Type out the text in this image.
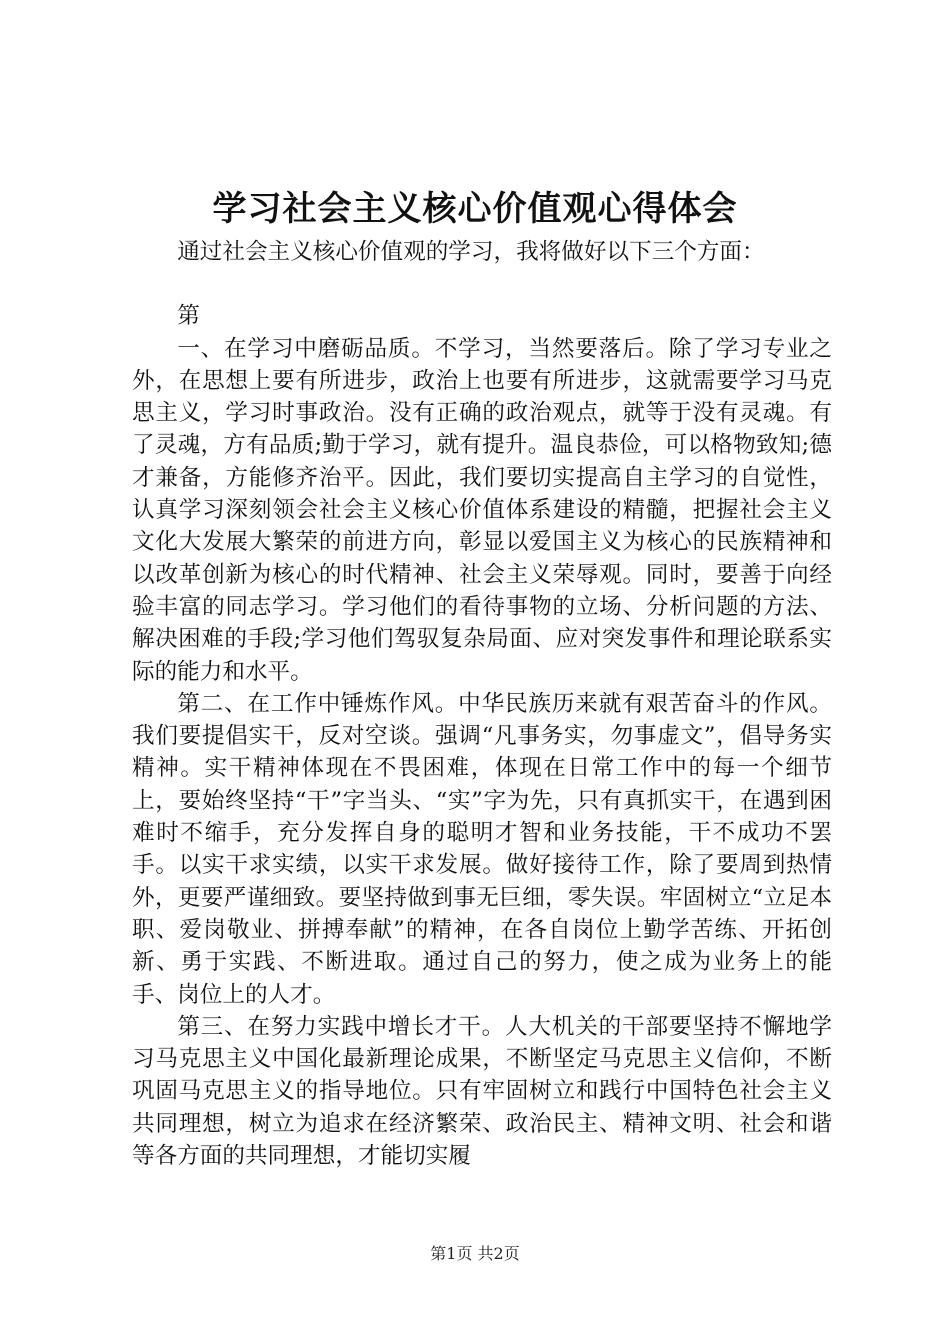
学习社会主义核心价值观心得体会

通过社会主义核心价值观的学习，我将做好以下三个方面：

第

一、在学习中磨砺品质。不学习，当然要落后。除了学习专业之外，在思想上要有所进步，政治上也要有所进步，这就需要学习马克思主义，学习时事政治。没有正确的政治观点，就等于没有灵魂。有了灵魂，方有品质;勤于学习，就有提升。温良恭俭，可以格物致知;德才兼备，方能修齐治平。因此，我们要切实提高自主学习的自觉性，认真学习深刻领会社会主义核心价值体系建设的精髓，把握社会主义文化大发展大繁荣的前进方向，彰显以爱国主义为核心的民族精神和以改革创新为核心的时代精神、社会主义荣辱观。同时，要善于向经验丰富的同志学习。学习他们的看待事物的立场、分析问题的方法、解决困难的手段;学习他们驾驭复杂局面、应对突发事件和理论联系实际的能力和水平。

第二、在工作中锤炼作风。中华民族历来就有艰苦奋斗的作风。我们要提倡实干，反对空谈。强调“凡事务实，勿事虚文”，倡导务实精神。实干精神体现在不畏困难，体现在日常工作中的每一个细节上，要始终坚持“干”字当头、“实”字为先，只有真抓实干，在遇到困难时不缩手，充分发挥自身的聪明才智和业务技能，干不成功不罢手。以实干求实绩，以实干求发展。做好接待工作，除了要周到热情外，更要严谨细致。要坚持做到事无巨细，零失误。牢固树立“立足本职、爱岗敬业、拼搏奉献”的精神，在各自岗位上勤学苦练、开拓创新、勇于实践、不断进取。通过自己的努力，使之成为业务上的能手、岗位上的人才。

第三、在努力实践中增长才干。人大机关的干部要坚持不懈地学习马克思主义中国化最新理论成果，不断坚定马克思主义信仰，不断巩固马克思主义的指导地位。只有牢固树立和践行中国特色社会主义共同理想，树立为追求在经济繁荣、政治民主、精神文明、社会和谐等各方面的共同理想，才能切实履

第1页 共2页
